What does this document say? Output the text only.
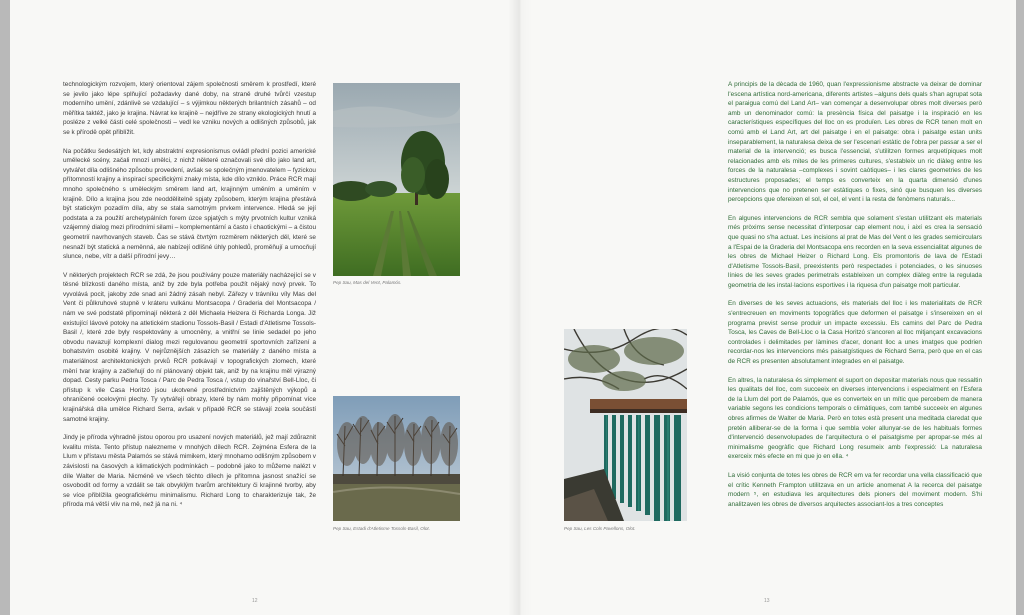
technologickým rozvojem, který orientoval zájem společnosti směrem k prostředí, které se jevilo jako lépe splňující požadavky dané doby, na straně druhé tvůrčí vzestup moderního umění, zdánlivě se vzdalující – s výjimkou některých brilantních zásahů – od měřítka taktéž, jako je krajina. Návrat ke krajině – nejdříve ze strany ekologických hnutí a posléze z velké části celé společnosti – vedl ke vzniku nových a odlišných způsobů, jak se k přírodě opět přiblížit.

Na počátku šedesátých let, kdy abstraktní expresionismus ovládl přední pozici americké umělecké scény, začali mnozí umělci, z nichž některé označovali své dílo jako land art, vytvářet díla odlišného způsobu provedení, avšak se společným jmenovatelem – fyzickou přítomností krajiny a inspirací specifickými znaky místa, kde dílo vzniklo. Práce RCR mají mnoho společného s uměleckým směrem land art, krajinným uměním a uměním v krajině. Dílo a krajina jsou zde neoddělitelně spjaty způsobem, kterým krajina přestává být statickým pozadím díla, aby se stala samotným prvkem intervence. Hledá se její podstata a za použití archetypálních forem úzce spjatých s mýty prvotních kultur vzniká vzájemný dialog mezi přírodními silami – komplementární a často i chaotickými – a čistou geometrií navrhovaných staveb. Čas se stává čtvrtým rozměrem některých děl, které se nesnaží být statická a neměnná, ale nabízejí odlišné úhly pohledů, proměňují a umocňují slunce, nebe, vítr a další přírodní jevy…

V některých projektech RCR se zdá, že jsou používány pouze materiály nacházející se v těsné blízkosti daného místa, aniž by zde byla potřeba použít nějaký nový prvek. To vyvolává pocit, jakoby zde snad ani žádný zásah nebyl. Zářezy v trávníku víly Mas del Vent či půlkruhové stupně v kráteru vulkánu Montsacopa / Graderia del Montsacopa / nám ve své podstatě připomínají některá z děl Michaela Heizera či Richarda Longa. Již existující lávové potoky na atletickém stadionu Tossols-Basil / Estadi d'Atletisme Tossols-Basil /, které zde byly respektovány a umocněny, a vnitřní se linie sedadel po jeho obvodu navazují komplexní dialog mezi regulovanou geometrií sportovních zařízení a bohatstvím osobité krajiny. V nejrůznějších zásazích se materiály z daného místa a materiálnost architektonických prvků RCR potkávají v topografických zlomech, které mění tvar krajiny a začleňují do ní plánovaný objekt tak, aniž by na krajinu měl výrazný dopad. Cesty parku Pedra Tosca / Parc de Pedra Tosca /, vstup do vinařství Bell-Lloc, či přístup k vile Casa Horitzó jsou ukotvené prostřednictvím zajištěných výkopů a ohraničené ocelovými plechy. Ty vytvářejí obrazy, které by nám mohly připomínat více krajinářská díla umělce Richard Serra, avšak v případě RCR se stávají zcela součástí samotné krajiny.

Jindy je příroda výhradně jistou oporou pro usazení nových materiálů, jež mají zdůraznit kvalitu místa. Tento přístup nalezneme v mnohých dílech RCR. Zejména Esfera de la Llum v přístavu města Palamós se stává mimikem, který mnohamo odlišným způsobem v závislosti na časových a klimatických podmínkách – podobně jako to můžeme nalézt v díle Walter de Maria. Nicméně ve všech těchto dílech je přítomna jasnost snažící se osvobodit od formy a vzdálit se tak obvyklým tvarům architektury či krajinné tvorby, aby se více přiblížila geografickému minimalismu. Richard Long to charakterizuje tak, že příroda má větší vliv na mě, než já na ni. ⁴

Pep Sau, Mas del Vent, Palamós.
Pep Sau, Estadi d'Atletisme Tossols-Basil, Olot.	Pep Sau, Les Cols Pavellons, Olot.

A principis de la dècada de 1960, quan l'expressionisme abstracte va deixar de dominar l'escena artística nord-americana, diferents artistes –alguns dels quals s'han agrupat sota el paraigua comú del Land Art– van començar a desenvolupar obres molt diverses però amb un denominador comú: la presència física del paisatge i la inspiració en les característiques específiques del lloc on es produïen. Les obres de RCR tenen molt en comú amb el Land Art, art del paisatge i en el paisatge: obra i paisatge estan units inseparablement, la naturalesa deixa de ser l'escenari estàtic de l'obra per passar a ser el material de la intervenció; es busca l'essencial, s'utilitzen formes arquetípiques molt relacionades amb els mites de les primeres cultures, s'estableix un ric diàleg entre les forces de la naturalesa –complexes i sovint caòtiques– i les clares geometries de les estructures proposades; el temps es converteix en la quarta dimensió d'unes intervencions que no pretenen ser estàtiques o fixes, sinó que busquen les diverses percepcions que ofereixen el sol, el cel, el vent i la resta de fenòmens naturals...

En algunes intervencions de RCR sembla que solament s'estan utilitzant els materials més pròxims sense necessitat d'interposar cap element nou, i així es crea la sensació que quasi no s'ha actuat. Les incisions al prat de Mas del Vent o les grades semicirculars a l'Espai de la Graderia del Montsacopa ens recorden en la seva essencialitat algunes de les obres de Michael Heizer o Richard Long. Els promontoris de lava de l'Estadi d'Atletisme Tossols-Basil, preexistents però respectades i potenciades, o les sinuoses línies de les seves grades perimetrals estableixen un complex diàleg entre la reguladа geometria de les instal·lacions esportives i la riquesa d'un paisatge molt particular.

En diverses de les seves actuacions, els materials del lloc i les materialitats de RCR s'entrecreuen en moviments topogràfics que deformen el paisatge i s'insereixen en el programa previst sense produir un impacte excessiu. Els camins del Parc de Pedra Tosca, les Caves de Bell-Lloc o la Casa Horitzó s'ancoren al lloc mitjançant excavacions controlades i delimitades per làmines d'acer, donant lloc a unes imatges que podrien recordar-nos les intervencions més paisatgístiques de Richard Serra, però que en el cas de RCR es presenten absolutament integrades en el paisatge.

En altres, la naturalesa és simplement el suport on depositar materials nous que ressaltin les qualitats del lloc, com succeeix en diverses intervencions i especialment en l'Esfera de la Llum del port de Palamós, que es converteix en un mític que percebem de manera variable segons les condicions temporals o climàtiques, com també succeeix en algunes obres afirmes de Walter de Maria. Però en totes està present una meditada claredat que pretén alliberar-se de la forma i que sembla voler allunyar-se de les habituals formes d'intervenció desenvolupades de l'arquitectura o el paisatgisme per apropar-se més al minimalisme geogràfic que Richard Long resumeix amb l'expressió: La naturalesa exerceix més efecte en mi que jo en ella. ⁴

La visió conjunta de totes les obres de RCR em va fer recordar una vella classificació que el crític Kenneth Frampton utilitzava en un article anomenat A la recerca del paisatge modern ⁵, en estudiava les arquitectures dels pioners del moviment modern. S'hi analitzaven les obres de diversos arquitectes associant-los a tres conceptes

12	13
